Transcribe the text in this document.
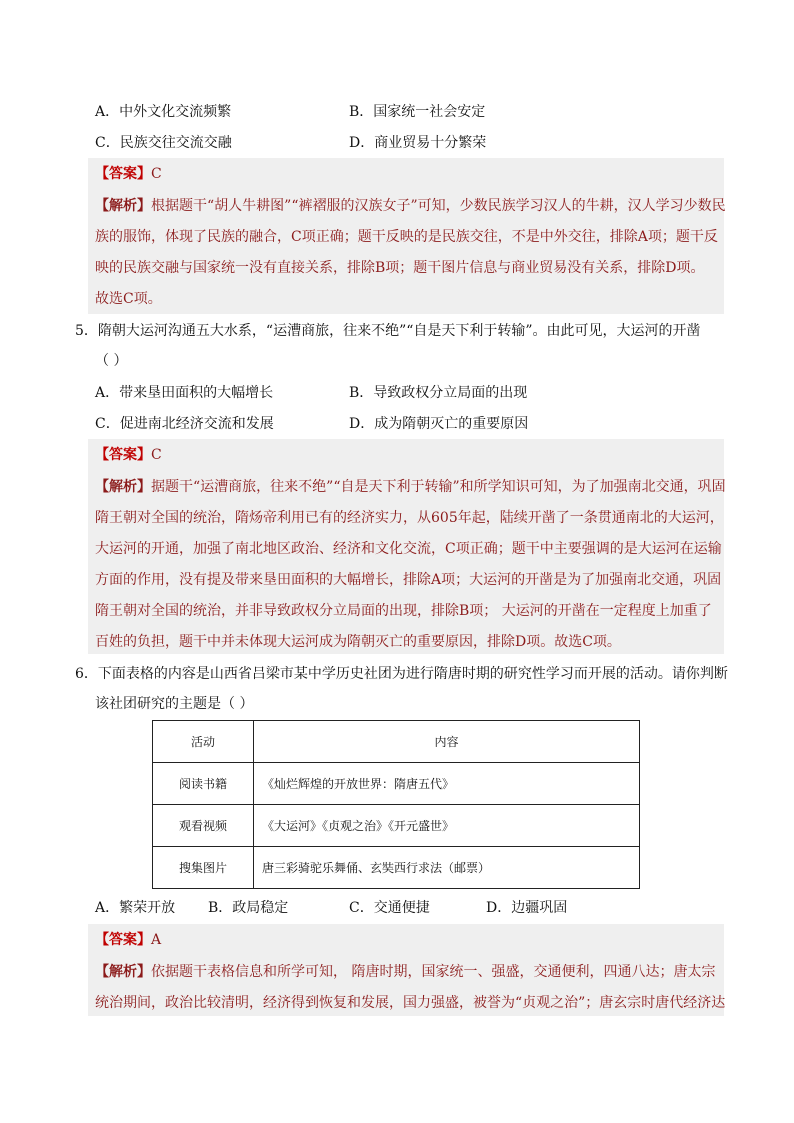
A．中外文化交流频繁	B．国家统一社会安定
C．民族交往交流交融	D．商业贸易十分繁荣
【答案】C
【解析】根据题干“胡人牛耕图”“裤褶服的汉族女子”可知，少数民族学习汉人的牛耕，汉人学习少数民
族的服饰，体现了民族的融合，C项正确；题干反映的是民族交往，不是中外交往，排除A项；题干反
映的民族交融与国家统一没有直接关系，排除B项；题干图片信息与商业贸易没有关系，排除D项。
故选C项。
5．隋朝大运河沟通五大水系，“运漕商旅，往来不绝”“自是天下利于转输”。由此可见，大运河的开凿
（ ）
A．带来垦田面积的大幅增长	B．导致政权分立局面的出现
C．促进南北经济交流和发展	D．成为隋朝灭亡的重要原因
【答案】C
【解析】据题干“运漕商旅，往来不绝”“自是天下利于转输”和所学知识可知，为了加强南北交通，巩固
隋王朝对全国的统治，隋炀帝利用已有的经济实力，从605年起，陆续开凿了一条贯通南北的大运河，
大运河的开通，加强了南北地区政治、经济和文化交流，C项正确；题干中主要强调的是大运河在运输
方面的作用，没有提及带来垦田面积的大幅增长，排除A项；大运河的开凿是为了加强南北交通，巩固
隋王朝对全国的统治，并非导致政权分立局面的出现，排除B项； 大运河的开凿在一定程度上加重了
百姓的负担，题干中并未体现大运河成为隋朝灭亡的重要原因，排除D项。故选C项。
6．下面表格的内容是山西省吕梁市某中学历史社团为进行隋唐时期的研究性学习而开展的活动。请你判断
该社团研究的主题是（ ）
活动	内容
阅读书籍	《灿烂辉煌的开放世界：隋唐五代》
观看视频	《大运河》《贞观之治》《开元盛世》
搜集图片	唐三彩骑驼乐舞俑、玄奘西行求法（邮票）
A．繁荣开放 B．政局稳定	C．交通便捷	D．边疆巩固
【答案】A
【解析】依据题干表格信息和所学可知， 隋唐时期，国家统一、强盛，交通便利，四通八达；唐太宗
统治期间，政治比较清明，经济得到恢复和发展，国力强盛，被誉为“贞观之治”；唐玄宗时唐代经济达
